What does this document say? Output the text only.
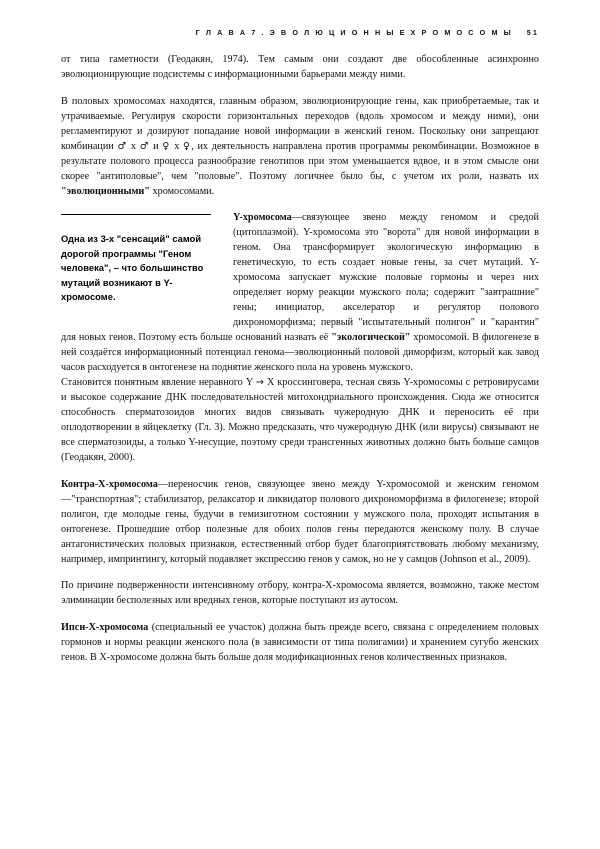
Г Л А В А 7 . Э В О Л Ю Ц И О Н Н Ы Е Х Р О М О С О М Ы 51

от типа гаметности (Геодакян, 1974). Тем самым они создают две обособленные асинхронно эволюционирующие подсистемы с информационными барьерами между ними.

В половых хромосомах находятся, главным образом, эволюционирующие гены, как приобретаемые, так и утрачиваемые. Регулируя скорости горизонтальных переходов (вдоль хромосом и между ними), они регламентируют и дозируют попадание новой информации в женский геном. Поскольку они запрещают комбинации ♂ x ♂ и ♀ x ♀, их деятельность направлена против программы рекомбинации. Возможное в результате полового процесса разнообразие генотипов при этом уменьшается вдвое, и в этом смысле они скорее "антиполовые", чем "половые". Поэтому логичнее было бы, с учетом их роли, назвать их "эволюционными" хромосомами.

Одна из 3-х "сенсаций" самой дорогой программы "Геном человека", – что большинство мутаций возникают в Y-хромосоме.

Y-хромосома—связующее звено между геномом и средой (цитоплазмой). Y-хромосома это "ворота" для новой информации в геном. Она трансформирует экологическую информацию в генетическую, то есть создает новые гены, за счет мутаций. Y-хромосома запускает мужские половые гормоны и через них определяет норму реакции мужского пола; содержит "завтрашние" гены; инициатор, акселератор и регулятор полового дихрономорфизма; первый "испытательный полигон" и "карантин" для новых генов. Поэтому есть больше оснований назвать её "экологической" хромосомой. В филогенезе в ней создаётся информационный потенциал генома—эволюционный половой диморфизм, который как завод часов расходуется в онтогенезе на поднятие женского пола на уровень мужского.

Становится понятным явление неравного Y → X кроссинговера, тесная связь Y-хромосомы с ретровирусами и высокое содержание ДНК последовательностей митохондриального происхождения. Сюда же относится способность сперматозоидов многих видов связывать чужеродную ДНК и переносить её при оплодотворении в яйцеклетку (Гл. 3). Можно предсказать, что чужеродную ДНК (или вирусы) связывают не все сперматозоиды, а только Y-несущие, поэтому среди трансгенных животных должно быть больше самцов (Геодакян, 2000).

Контра-Х-хромосома—переносчик генов, связующее звено между Y-хромосомой и женским геномом—"транспортная"; стабилизатор, релаксатор и ликвидатор полового дихрономорфизма в филогенезе; второй полигон, где молодые гены, будучи в гемизиготном состоянии у мужского пола, проходят испытания в онтогенезе. Прошедшие отбор полезные для обоих полов гены передаются женскому полу. В случае антагонистических половых признаков, естественный отбор будет благоприятствовать любому механизму, например, импринтингу, который подавляет экспрессию генов у самок, но не у самцов (Johnson et al., 2009).

По причине подверженности интенсивному отбору, контра-Х-хромосома является, возможно, также местом элиминации бесполезных или вредных генов, которые поступают из аутосом.

Ипси-Х-хромосома (специальный ее участок) должна быть прежде всего, связана с определением половых гормонов и нормы реакции женского пола (в зависимости от типа полигамии) и хранением сугубо женских генов. В Х-хромосоме должна быть больше доля модификационных генов количественных признаков.
